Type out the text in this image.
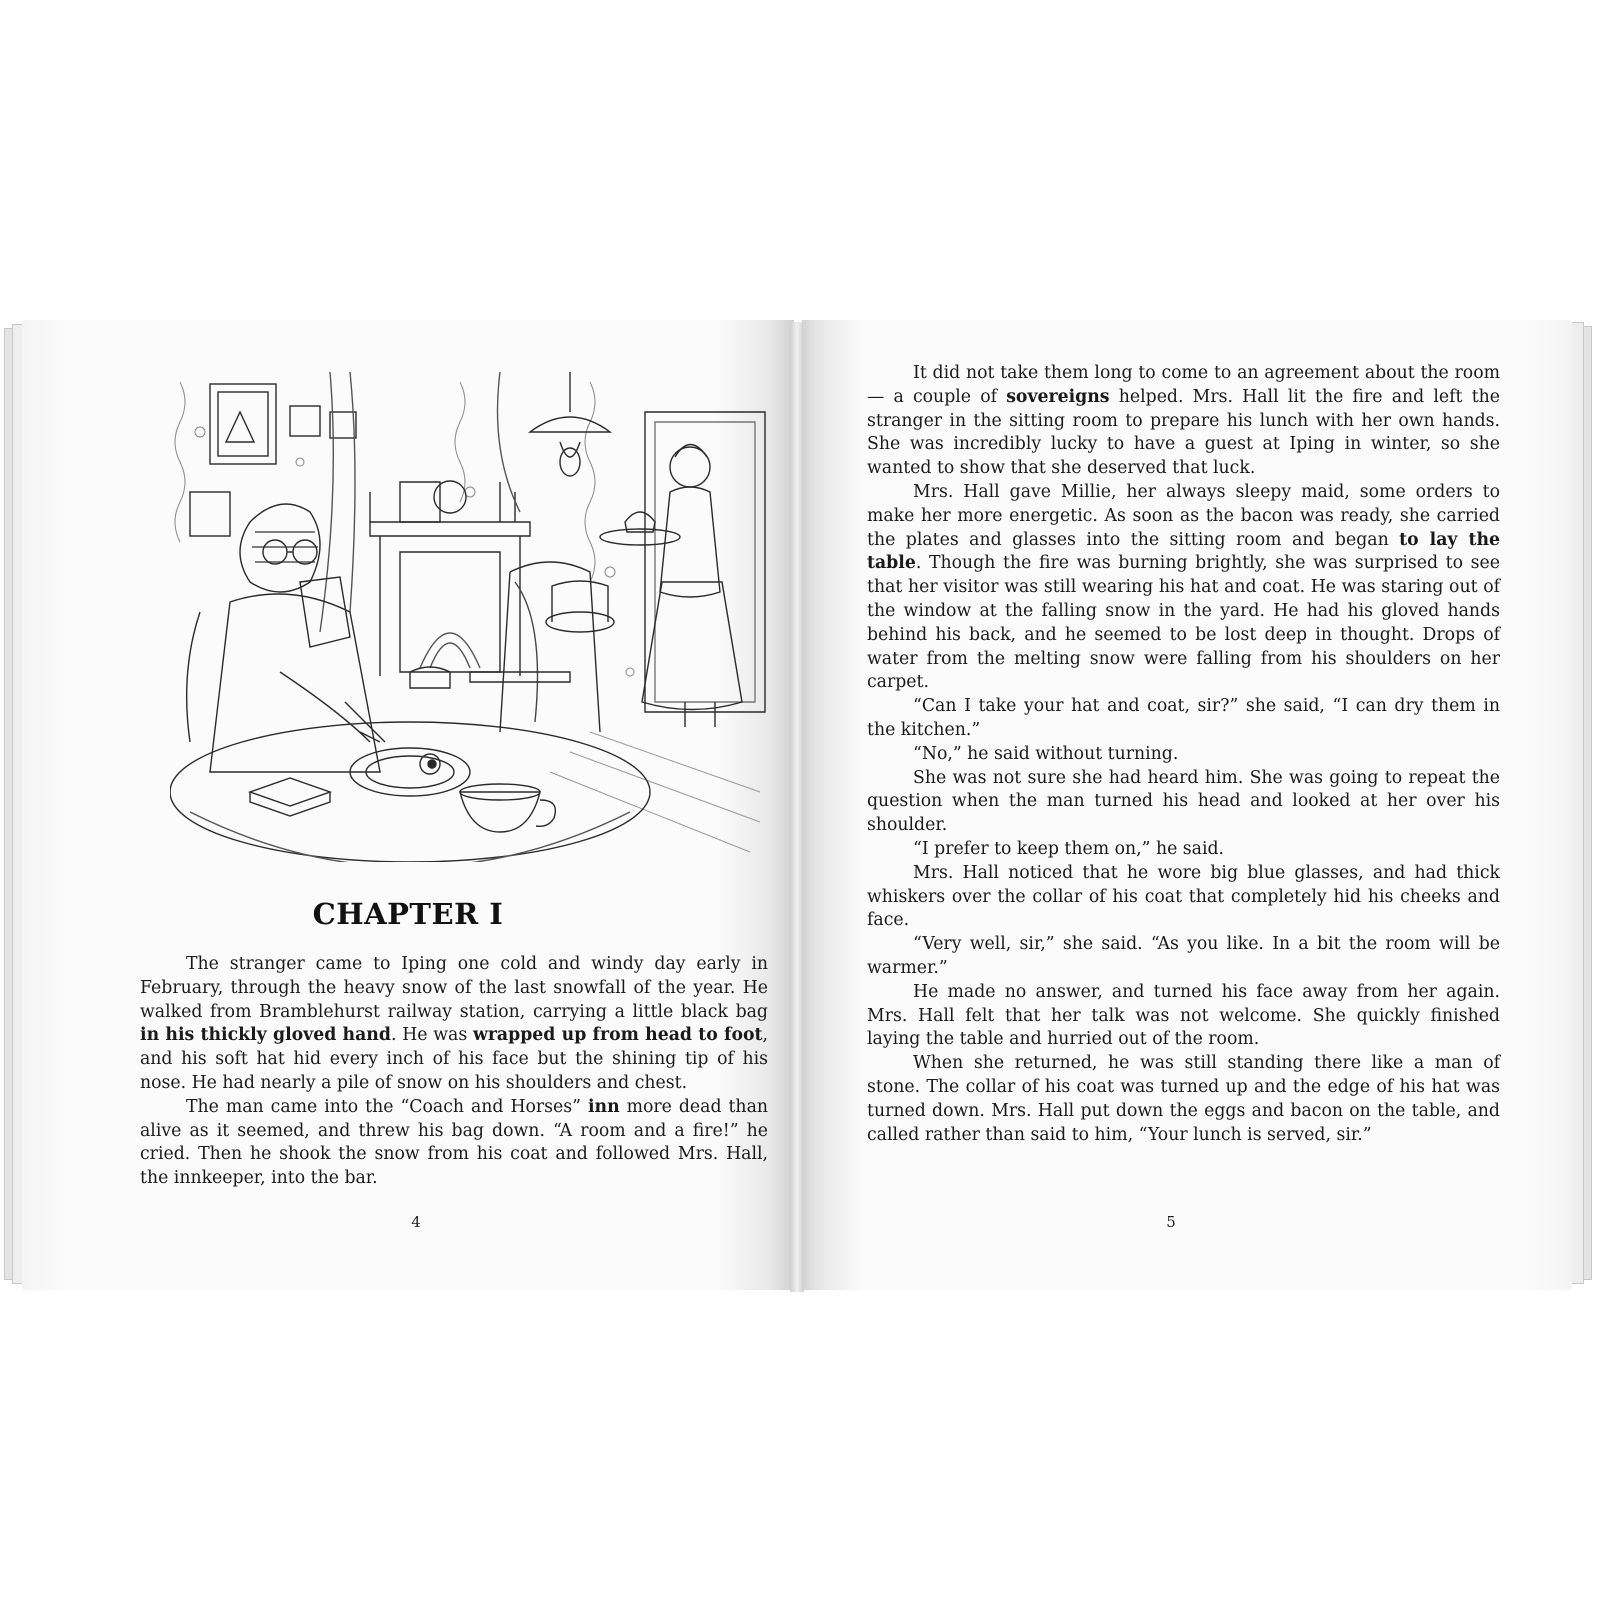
CHAPTER I

The stranger came to Iping one cold and windy day early in February, through the heavy snow of the last snowfall of the year. He walked from Bramblehurst railway station, carrying a little black bag in his thickly gloved hand. He was wrapped up from head to foot, and his soft hat hid every inch of his face but the shining tip of his nose. He had nearly a pile of snow on his shoulders and chest.

The man came into the “Coach and Horses” inn more dead than alive as it seemed, and threw his bag down. “A room and a fire!” he cried. Then he shook the snow from his coat and followed Mrs. Hall, the innkeeper, into the bar.

4

It did not take them long to come to an agreement about the room — a couple of sovereigns helped. Mrs. Hall lit the fire and left the stranger in the sitting room to prepare his lunch with her own hands. She was incredibly lucky to have a guest at Iping in winter, so she wanted to show that she deserved that luck.

Mrs. Hall gave Millie, her always sleepy maid, some orders to make her more energetic. As soon as the bacon was ready, she carried the plates and glasses into the sitting room and began to lay the table. Though the fire was burning brightly, she was surprised to see that her visitor was still wearing his hat and coat. He was staring out of the window at the falling snow in the yard. He had his gloved hands behind his back, and he seemed to be lost deep in thought. Drops of water from the melting snow were falling from his shoulders on her carpet.

“Can I take your hat and coat, sir?” she said, “I can dry them in the kitchen.”

“No,” he said without turning.

She was not sure she had heard him. She was going to repeat the question when the man turned his head and looked at her over his shoulder.

“I prefer to keep them on,” he said.

Mrs. Hall noticed that he wore big blue glasses, and had thick whiskers over the collar of his coat that completely hid his cheeks and face.

“Very well, sir,” she said. “As you like. In a bit the room will be warmer.”

He made no answer, and turned his face away from her again. Mrs. Hall felt that her talk was not welcome. She quickly finished laying the table and hurried out of the room.

When she returned, he was still standing there like a man of stone. The collar of his coat was turned up and the edge of his hat was turned down. Mrs. Hall put down the eggs and bacon on the table, and called rather than said to him, “Your lunch is served, sir.”

5
